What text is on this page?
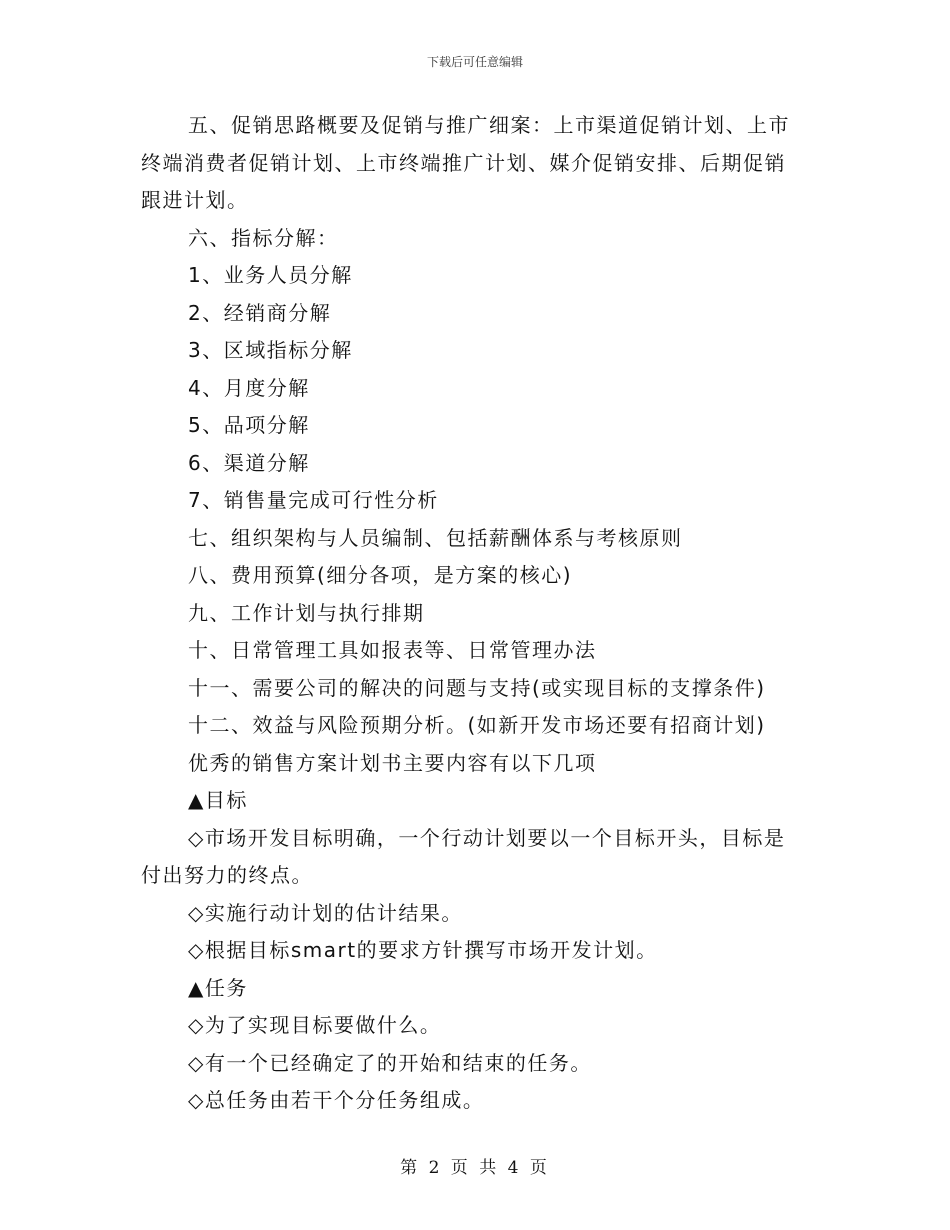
下载后可任意编辑

五、促销思路概要及促销与推广细案：上市渠道促销计划、上市终端消费者促销计划、上市终端推广计划、媒介促销安排、后期促销跟进计划。

六、指标分解：

1、业务人员分解

2、经销商分解

3、区域指标分解

4、月度分解

5、品项分解

6、渠道分解

7、销售量完成可行性分析

七、组织架构与人员编制、包括薪酬体系与考核原则

八、费用预算(细分各项，是方案的核心)

九、工作计划与执行排期

十、日常管理工具如报表等、日常管理办法

十一、需要公司的解决的问题与支持(或实现目标的支撑条件)

十二、效益与风险预期分析。(如新开发市场还要有招商计划)

优秀的销售方案计划书主要内容有以下几项

▲目标

◇市场开发目标明确，一个行动计划要以一个目标开头，目标是付出努力的终点。

◇实施行动计划的估计结果。

◇根据目标smart的要求方针撰写市场开发计划。

▲任务

◇为了实现目标要做什么。

◇有一个已经确定了的开始和结束的任务。

◇总任务由若干个分任务组成。

第 2 页 共 4 页
